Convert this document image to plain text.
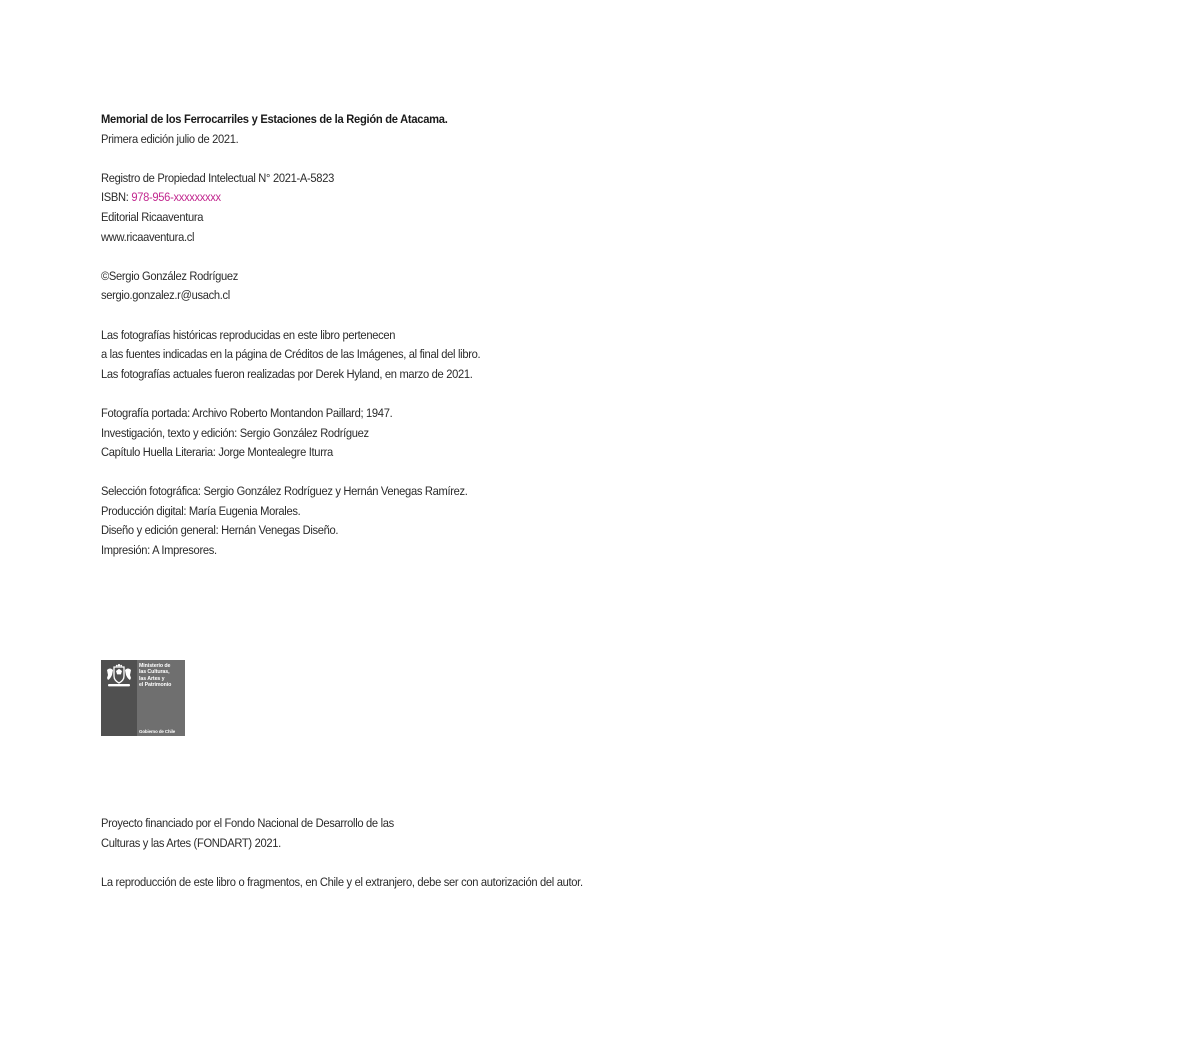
Memorial de los Ferrocarriles y Estaciones de la Región de Atacama.
Primera edición julio de 2021.
Registro de Propiedad Intelectual N° 2021-A-5823
ISBN: 978-956-xxxxxxxxx
Editorial Ricaaventura
www.ricaaventura.cl
©Sergio González Rodríguez
sergio.gonzalez.r@usach.cl
Las fotografías históricas reproducidas en este libro pertenecen
a las fuentes indicadas en la página de Créditos de las Imágenes, al final del libro.
Las fotografías actuales fueron realizadas por Derek Hyland, en marzo de 2021.
Fotografía portada: Archivo Roberto Montandon Paillard; 1947.
Investigación, texto y edición: Sergio González Rodríguez
Capítulo Huella Literaria: Jorge Montealegre Iturra
Selección fotográfica: Sergio González Rodríguez y Hernán Venegas Ramírez.
Producción digital: María Eugenia Morales.
Diseño y edición general: Hernán Venegas Diseño.
Impresión: A Impresores.
Ministerio de
las Culturas,
las Artes y
el Patrimonio
Gobierno de Chile
Proyecto financiado por el Fondo Nacional de Desarrollo de las
Culturas y las Artes (FONDART) 2021.
La reproducción de este libro o fragmentos, en Chile y el extranjero, debe ser con autorización del autor.
